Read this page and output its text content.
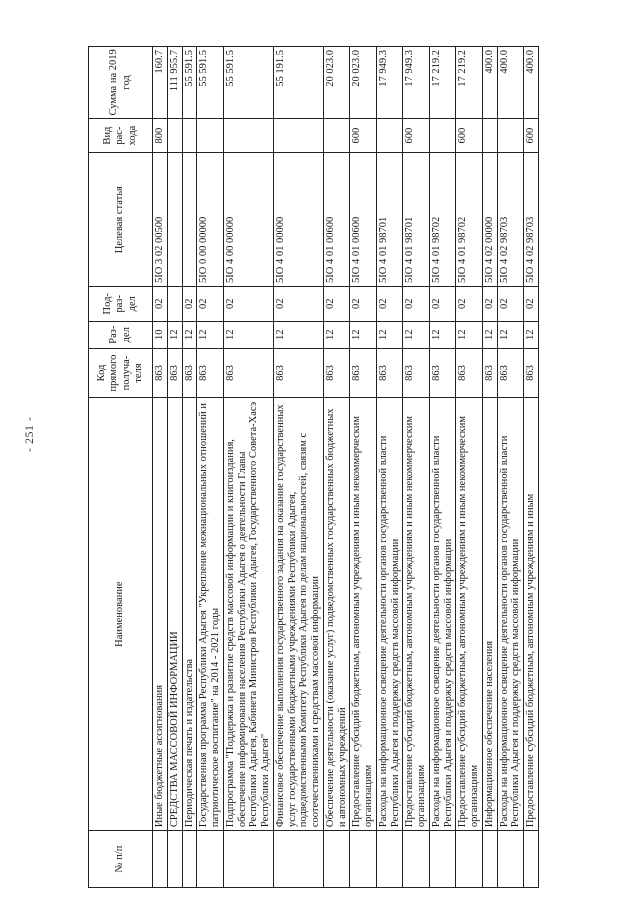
- 251 -
№ п/п	Наименование	Код прямого получа-теля	Раз-дел	Под-раз-дел	Целевая статья	Вид рас-хода	Сумма на 2019 год
	Иные бюджетные ассигнования	863	10	02	5IO 3 02 00500	800	160.7
	СРЕДСТВА МАССОВОЙ ИНФОРМАЦИИ	863	12				111 955.7
	Периодическая печать и издательства	863	12	02			55 591.5
	Государственная программа Республики Адыгея "Укрепление межнациональных отношений и патриотическое воспитание" на 2014 - 2021 годы	863	12	02	5IO 0 00 00000		55 591.5
	Подпрограмма "Поддержка и развитие средств массовой информации и книгоиздания, обеспечение информирования населения Республики Адыгея о деятельности Главы Республики Адыгея, Кабинета Министров Республики Адыгея, Государственного Совета-Хасэ Республики Адыгея"	863	12	02	5IO 4 00 00000		55 591.5
	Финансовое обеспечение выполнения государственного задания на оказание государственных услуг государственными бюджетными учреждениями Республики Адыгея, подведомственными Комитету Республики Адыгея по делам национальностей, связям с соотечественниками и средствам массовой информации	863	12	02	5IO 4 01 00000		55 191.5
	Обеспечение деятельности (оказание услуг) подведомственных государственных бюджетных и автономных учреждений	863	12	02	5IO 4 01 00600		20 023.0
	Предоставление субсидий бюджетным, автономным учреждениям и иным некоммерческим организациям	863	12	02	5IO 4 01 00600	600	20 023.0
	Расходы на информационное освещение деятельности органов государственной власти Республики Адыгея и поддержку средств массовой информации	863	12	02	5IO 4 01 98701		17 949.3
	Предоставление субсидий бюджетным, автономным учреждениям и иным некоммерческим организациям	863	12	02	5IO 4 01 98701	600	17 949.3
	Расходы на информационное освещение деятельности органов государственной власти Республики Адыгея и поддержку средств массовой информации	863	12	02	5IO 4 01 98702		17 219.2
	Предоставление субсидий бюджетным, автономным учреждениям и иным некоммерческим организациям	863	12	02	5IO 4 01 98702	600	17 219.2
	Информационное обеспечение населения	863	12	02	5IO 4 02 00000		400.0
	Расходы на информационное освещение деятельности органов государственной власти Республики Адыгея и поддержку средств массовой информации	863	12	02	5IO 4 02 98703		400.0
	Предоставление субсидий бюджетным, автономным учреждениям и иным	863	12	02	5IO 4 02 98703	600	400.0
